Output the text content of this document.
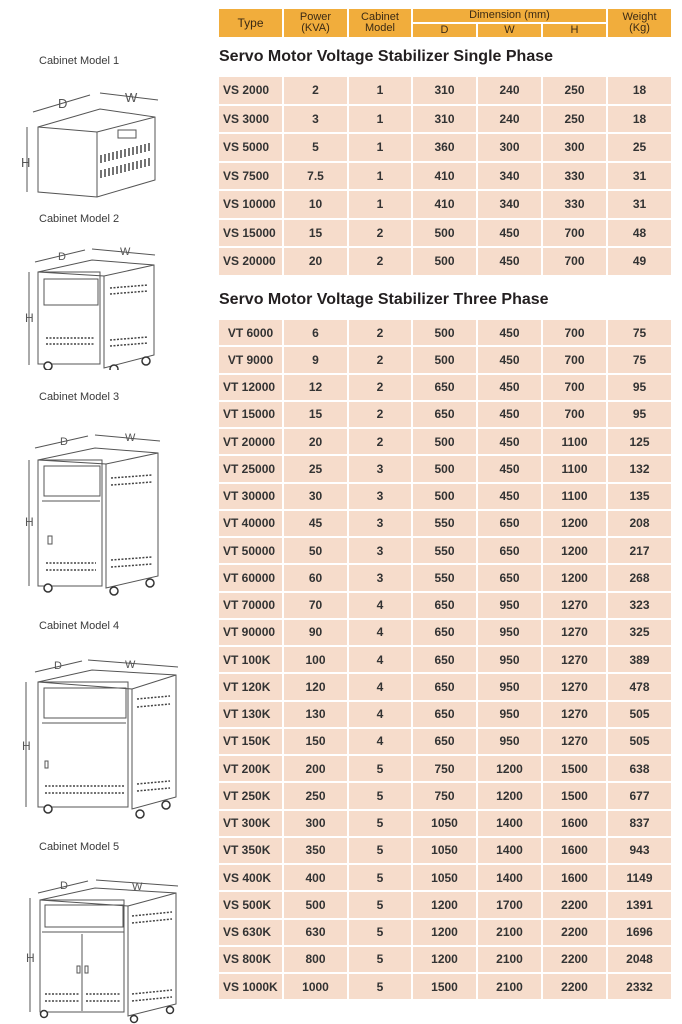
Cabinet Model 1
D	W
H
Cabinet Model 2
D	W
H
Cabinet Model 3
D	W
H
Cabinet Model 4
D	W
H
Cabinet Model 5
D	W
H
Type	Power
(KVA)
Cabinet
Model
Dimension (mm)
D	W	H
Weight
(Kg)
Servo Motor Voltage Stabilizer Single Phase
Servo Motor Voltage Stabilizer Three Phase
VS 2000	2	1	310	240	250	18
VS 3000	3	1	310	240	250	18
VS 5000	5	1	360	300	300	25
VS 7500	7.5	1	410	340	330	31
VS 10000	10	1	410	340	330	31
VS 15000	15	2	500	450	700	48
VS 20000	20	2	500	450	700	49
VT 6000	6	2	500	450	700	75
VT 9000	9	2	500	450	700	75
VT 12000	12	2	650	450	700	95
VT 15000	15	2	650	450	700	95
VT 20000	20	2	500	450	1100	125
VT 25000	25	3	500	450	1100	132
VT 30000	30	3	500	450	1100	135
VT 40000	45	3	550	650	1200	208
VT 50000	50	3	550	650	1200	217
VT 60000	60	3	550	650	1200	268
VT 70000	70	4	650	950	1270	323
VT 90000	90	4	650	950	1270	325
VT 100K	100	4	650	950	1270	389
VT 120K	120	4	650	950	1270	478
VT 130K	130	4	650	950	1270	505
VT 150K	150	4	650	950	1270	505
VT 200K	200	5	750	1200	1500	638
VT 250K	250	5	750	1200	1500	677
VT 300K	300	5	1050	1400	1600	837
VT 350K	350	5	1050	1400	1600	943
VS 400K	400	5	1050	1400	1600	1149
VS 500K	500	5	1200	1700	2200	1391
VS 630K	630	5	1200	2100	2200	1696
VS 800K	800	5	1200	2100	2200	2048
VS 1000K	1000	5	1500	2100	2200	2332
